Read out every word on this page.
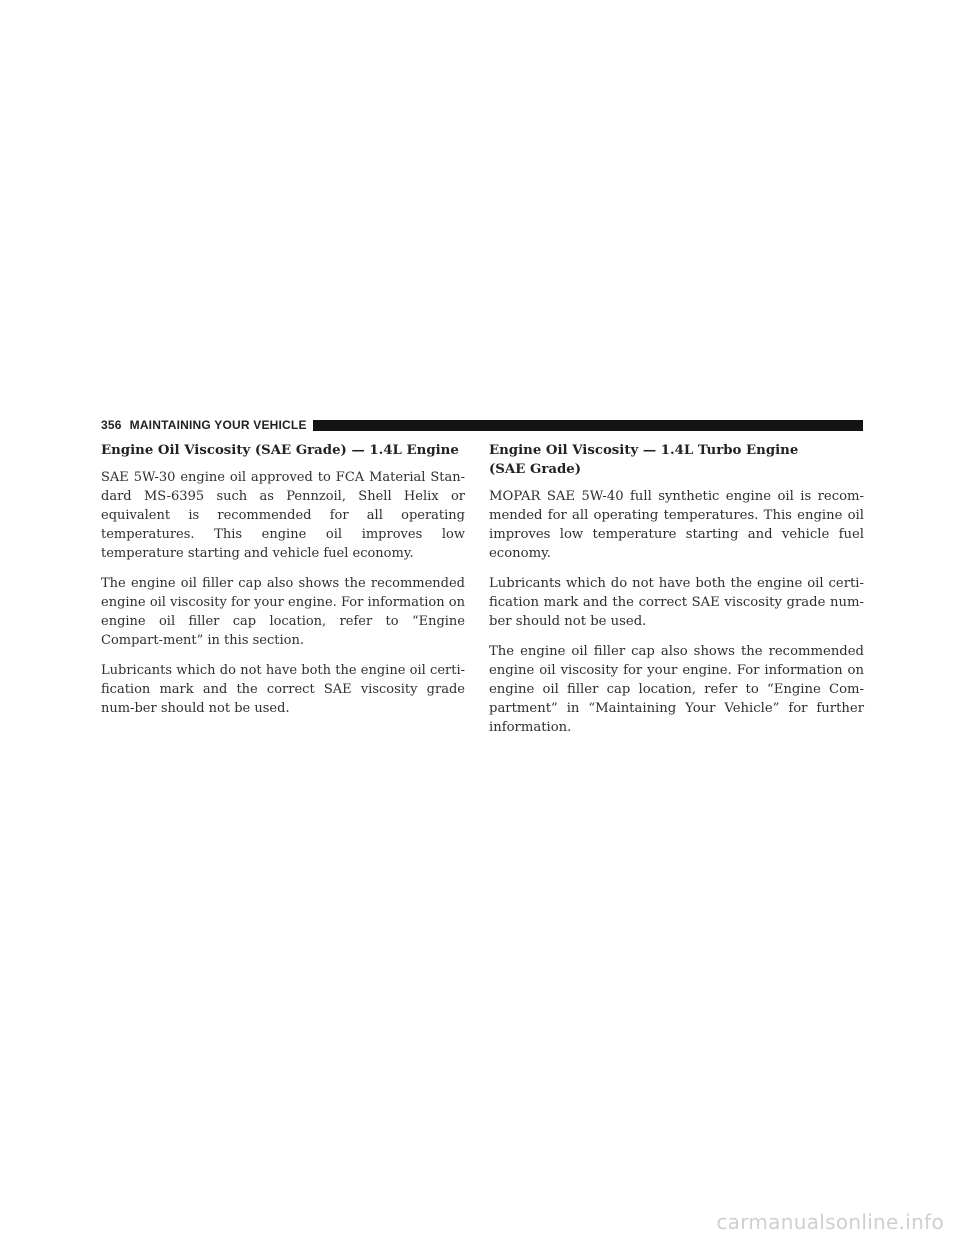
356 MAINTAINING YOUR VEHICLE
Engine Oil Viscosity (SAE Grade) — 1.4L Engine

SAE 5W-30 engine oil approved to FCA Material Stan-dard MS-6395 such as Pennzoil, Shell Helix or equivalent is recommended for all operating temperatures. This engine oil improves low temperature starting and vehicle fuel economy.

The engine oil filler cap also shows the recommended engine oil viscosity for your engine. For information on engine oil filler cap location, refer to “Engine Compart-ment” in this section.

Lubricants which do not have both the engine oil certi-fication mark and the correct SAE viscosity grade num-ber should not be used.

Engine Oil Viscosity — 1.4L Turbo Engine
(SAE Grade)

MOPAR SAE 5W-40 full synthetic engine oil is recom-mended for all operating temperatures. This engine oil improves low temperature starting and vehicle fuel economy.

Lubricants which do not have both the engine oil certi-fication mark and the correct SAE viscosity grade num-ber should not be used.

The engine oil filler cap also shows the recommended engine oil viscosity for your engine. For information on engine oil filler cap location, refer to “Engine Com-partment” in “Maintaining Your Vehicle” for further information.

carmanualsonline.info
